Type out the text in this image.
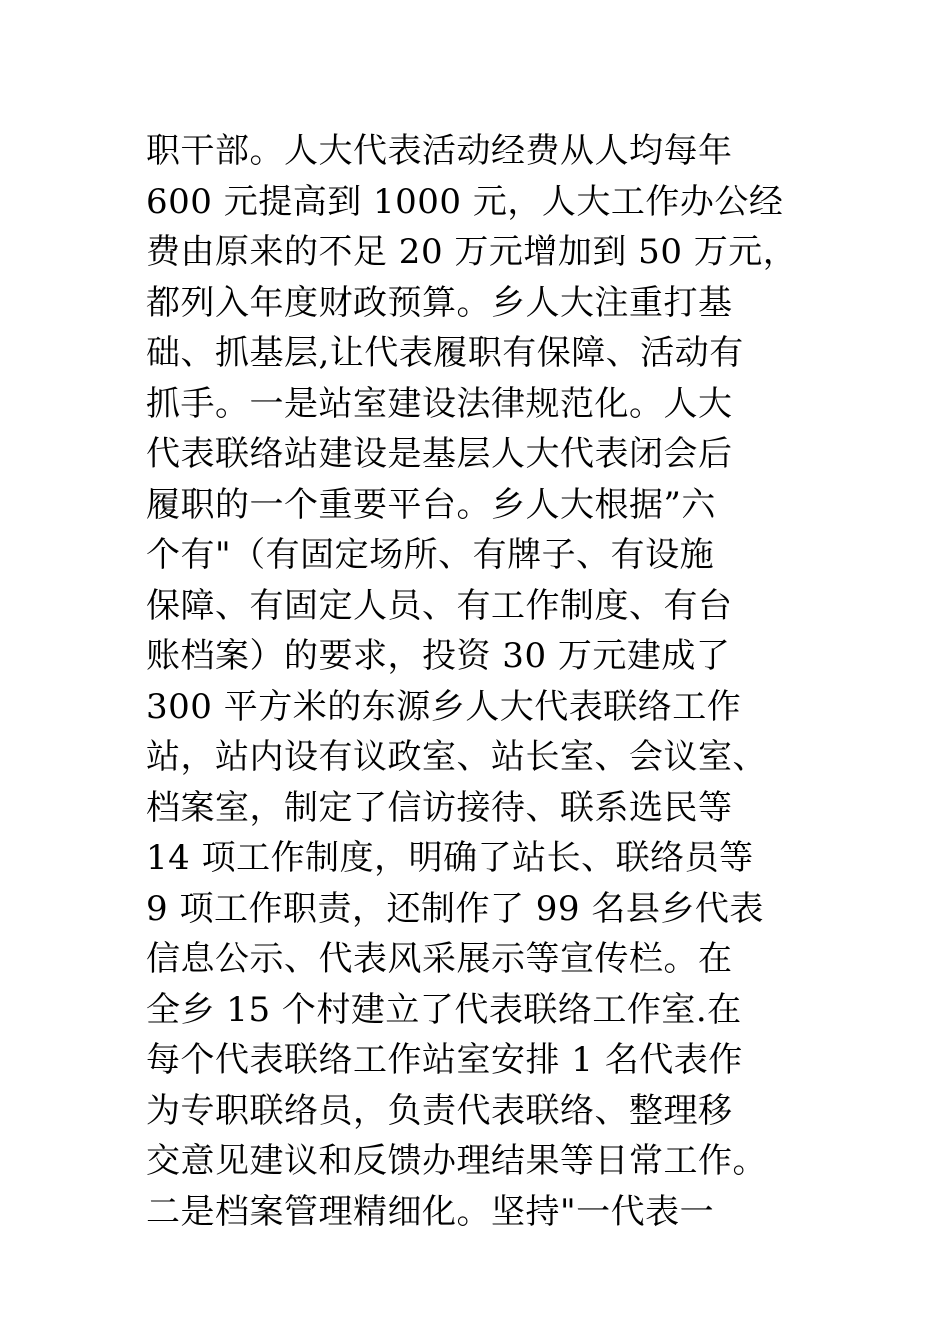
职干部。人大代表活动经费从人均每年
600 元提高到 1000 元，人大工作办公经
费由原来的不足 20 万元增加到 50 万元，
都列入年度财政预算。乡人大注重打基
础、抓基层,让代表履职有保障、活动有
抓手。一是站室建设法律规范化。人大
代表联络站建设是基层人大代表闭会后
履职的一个重要平台。乡人大根据”六
个有"（有固定场所、有牌子、有设施
保障、有固定人员、有工作制度、有台
账档案）的要求，投资 30 万元建成了
300 平方米的东源乡人大代表联络工作
站，站内设有议政室、站长室、会议室、
档案室，制定了信访接待、联系选民等
14 项工作制度，明确了站长、联络员等
9 项工作职责，还制作了 99 名县乡代表
信息公示、代表风采展示等宣传栏。在
全乡 15 个村建立了代表联络工作室.在
每个代表联络工作站室安排 1 名代表作
为专职联络员，负责代表联络、整理移
交意见建议和反馈办理结果等日常工作。
二是档案管理精细化。坚持"一代表一
